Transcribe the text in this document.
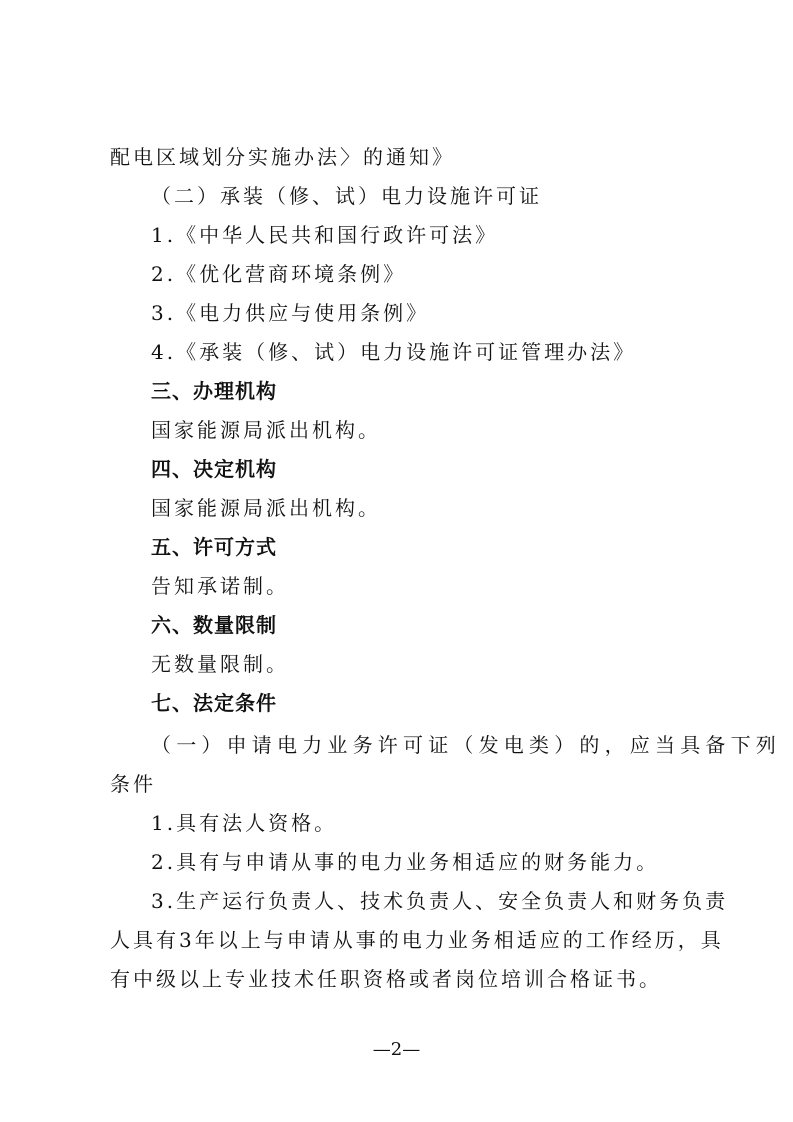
配电区域划分实施办法〉的通知》

（二）承装（修、试）电力设施许可证

1.《中华人民共和国行政许可法》

2.《优化营商环境条例》

3.《电力供应与使用条例》

4.《承装（修、试）电力设施许可证管理办法》

三、办理机构

国家能源局派出机构。

四、决定机构

国家能源局派出机构。

五、许可方式

告知承诺制。

六、数量限制

无数量限制。

七、法定条件

（一）申请电力业务许可证（发电类）的，应当具备下列

条件

1.具有法人资格。

2.具有与申请从事的电力业务相适应的财务能力。

3.生产运行负责人、技术负责人、安全负责人和财务负责

人具有3年以上与申请从事的电力业务相适应的工作经历，具

有中级以上专业技术任职资格或者岗位培训合格证书。

—2—
